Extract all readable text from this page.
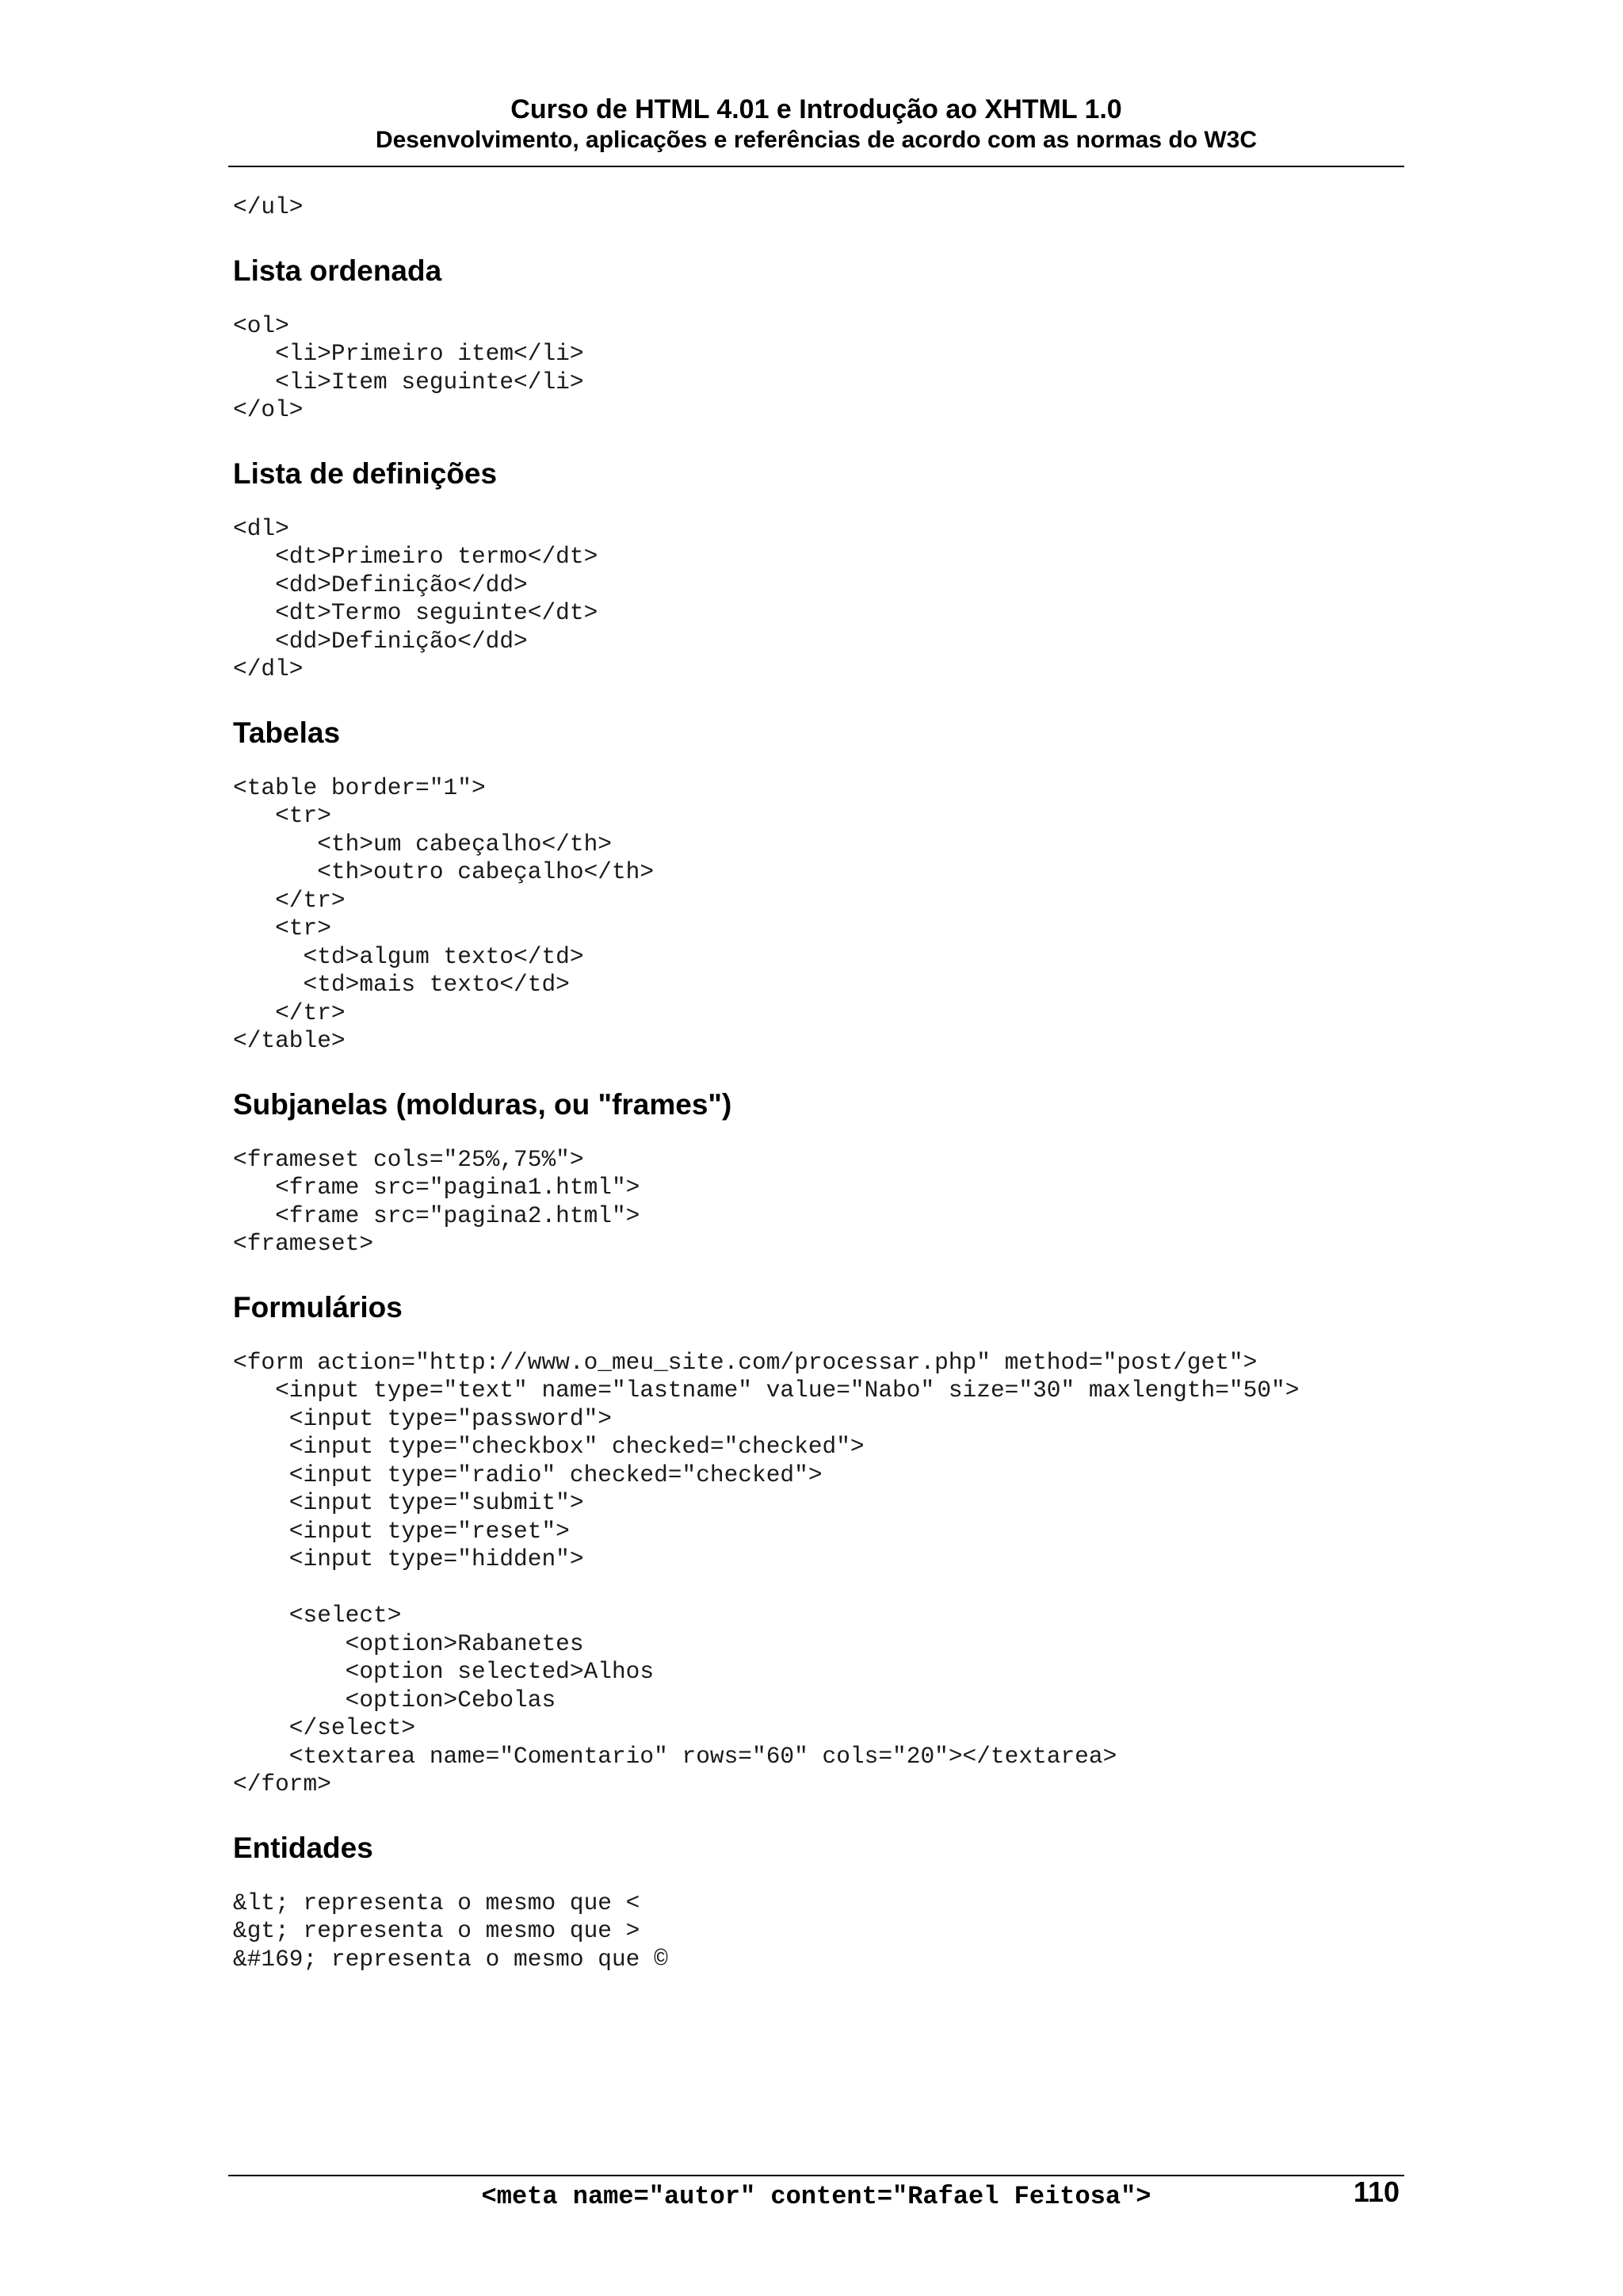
Curso de HTML 4.01 e Introdução ao XHTML 1.0
Desenvolvimento, aplicações e referências de acordo com as normas do W3C
</ul>
Lista ordenada
<ol>
<li>Primeiro item</li>
<li>Item seguinte</li>
</ol>
Lista de definições
<dl>
<dt>Primeiro termo</dt>
<dd>Definição</dd>
<dt>Termo seguinte</dt>
<dd>Definição</dd>
</dl>
Tabelas
<table border="1">
<tr>
<th>um cabeçalho</th>
<th>outro cabeçalho</th>
</tr>
<tr>
<td>algum texto</td>
<td>mais texto</td>
</tr>
</table>
Subjanelas (molduras, ou "frames")
<frameset cols="25%,75%">
<frame src="pagina1.html">
<frame src="pagina2.html">
<frameset>
Formulários
<form action="http://www.o_meu_site.com/processar.php" method="post/get">
<input type="text" name="lastname" value="Nabo" size="30" maxlength="50">
<input type="password">
<input type="checkbox" checked="checked">
<input type="radio" checked="checked">
<input type="submit">
<input type="reset">
<input type="hidden">

<select>
<option>Rabanetes
<option selected>Alhos
<option>Cebolas
</select>
<textarea name="Comentario" rows="60" cols="20"></textarea>
</form>
Entidades
&lt; representa o mesmo que <
&gt; representa o mesmo que >
&#169; representa o mesmo que ©
<meta name="autor" content="Rafael Feitosa">	110
